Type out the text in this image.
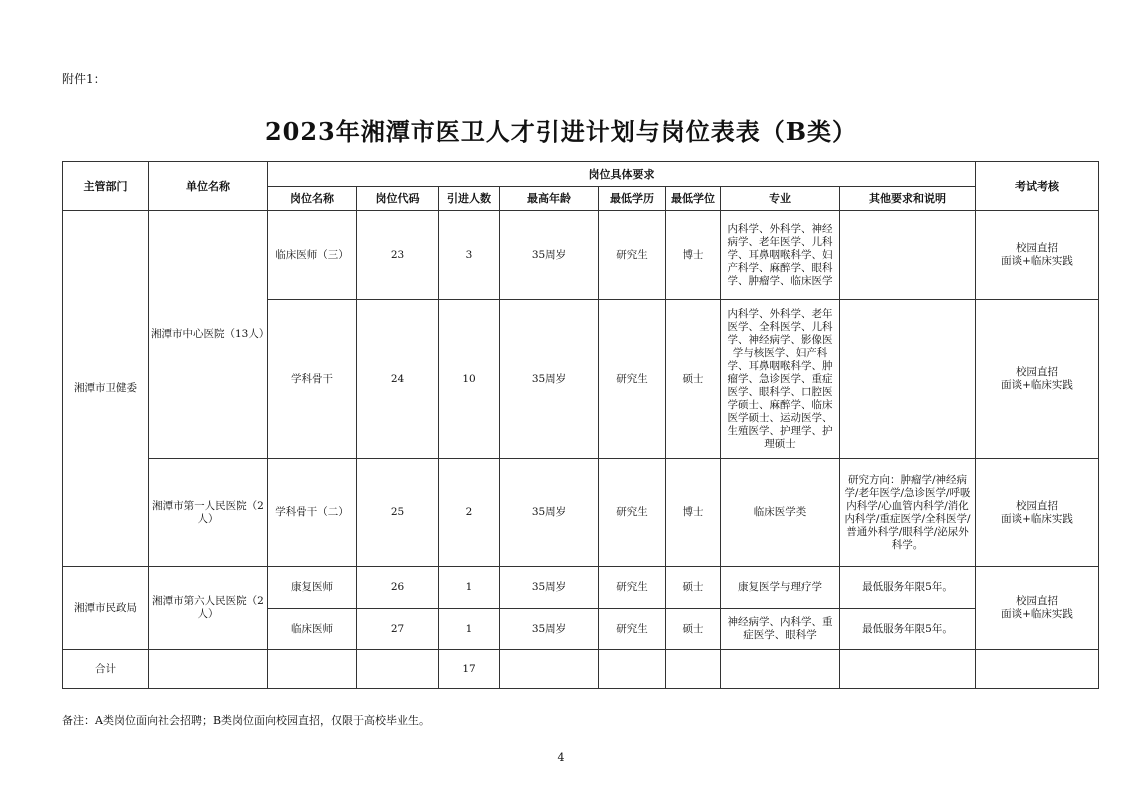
附件1：
2023年湘潭市医卫人才引进计划与岗位表表（B类）
主管部门	单位名称	岗位具体要求								考试考核
		岗位名称	岗位代码	引进人数	最高年龄	最低学历	最低学位	专业	其他要求和说明	
湘潭市卫健委	湘潭市中心医院（13人）	临床医师（三）	23	3	35周岁	研究生	博士	内科学、外科学、神经病学、老年医学、儿科学、耳鼻咽喉科学、妇产科学、麻醉学、眼科学、肿瘤学、临床医学		校园直招
面谈+临床实践
		学科骨干	24	10	35周岁	研究生	硕士	内科学、外科学、老年医学、全科医学、儿科学、神经病学、影像医学与核医学、妇产科学、耳鼻咽喉科学、肿瘤学、急诊医学、重症医学、眼科学、口腔医学硕士、麻醉学、临床医学硕士、运动医学、生殖医学、护理学、护理硕士		校园直招
面谈+临床实践
	湘潭市第一人民医院（2人）	学科骨干（二）	25	2	35周岁	研究生	博士	临床医学类	研究方向：肿瘤学/神经病学/老年医学/急诊医学/呼吸内科学/心血管内科学/消化内科学/重症医学/全科医学/普通外科学/眼科学/泌尿外科学。	校园直招
面谈+临床实践
湘潭市民政局	湘潭市第六人民医院（2人）	康复医师	26	1	35周岁	研究生	硕士	康复医学与理疗学	最低服务年限5年。	校园直招
面谈+临床实践
		临床医师	27	1	35周岁	研究生	硕士	神经病学、内科学、重症医学、眼科学	最低服务年限5年。	
合计				17						
备注：A类岗位面向社会招聘；B类岗位面向校园直招，仅限于高校毕业生。
4
